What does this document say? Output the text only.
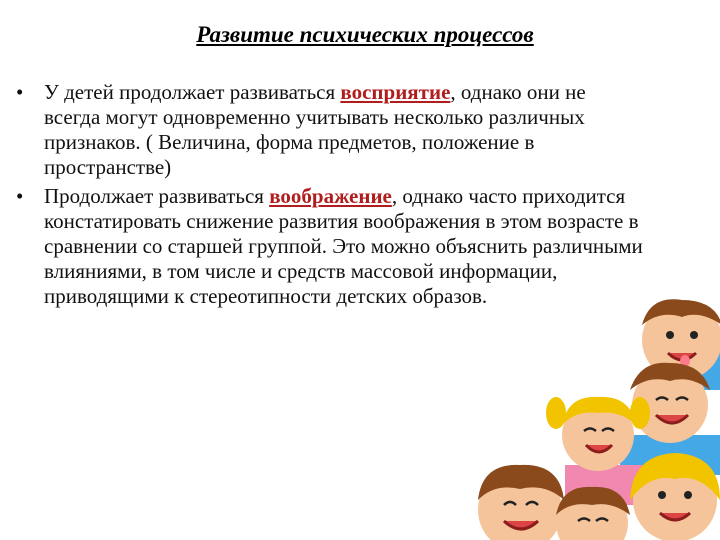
Развитие психических процессов
• У детей продолжает развиваться восприятие, однако они не всегда могут одновременно учитывать несколько различных признаков. ( Величина, форма предметов, положение в пространстве)
• Продолжает развиваться воображение, однако часто приходится констатировать снижение развития воображения в этом возрасте в сравнении со старшей группой. Это можно объяснить различными влияниями, в том числе и средств массовой информации, приводящими к стереотипности детских образов.
